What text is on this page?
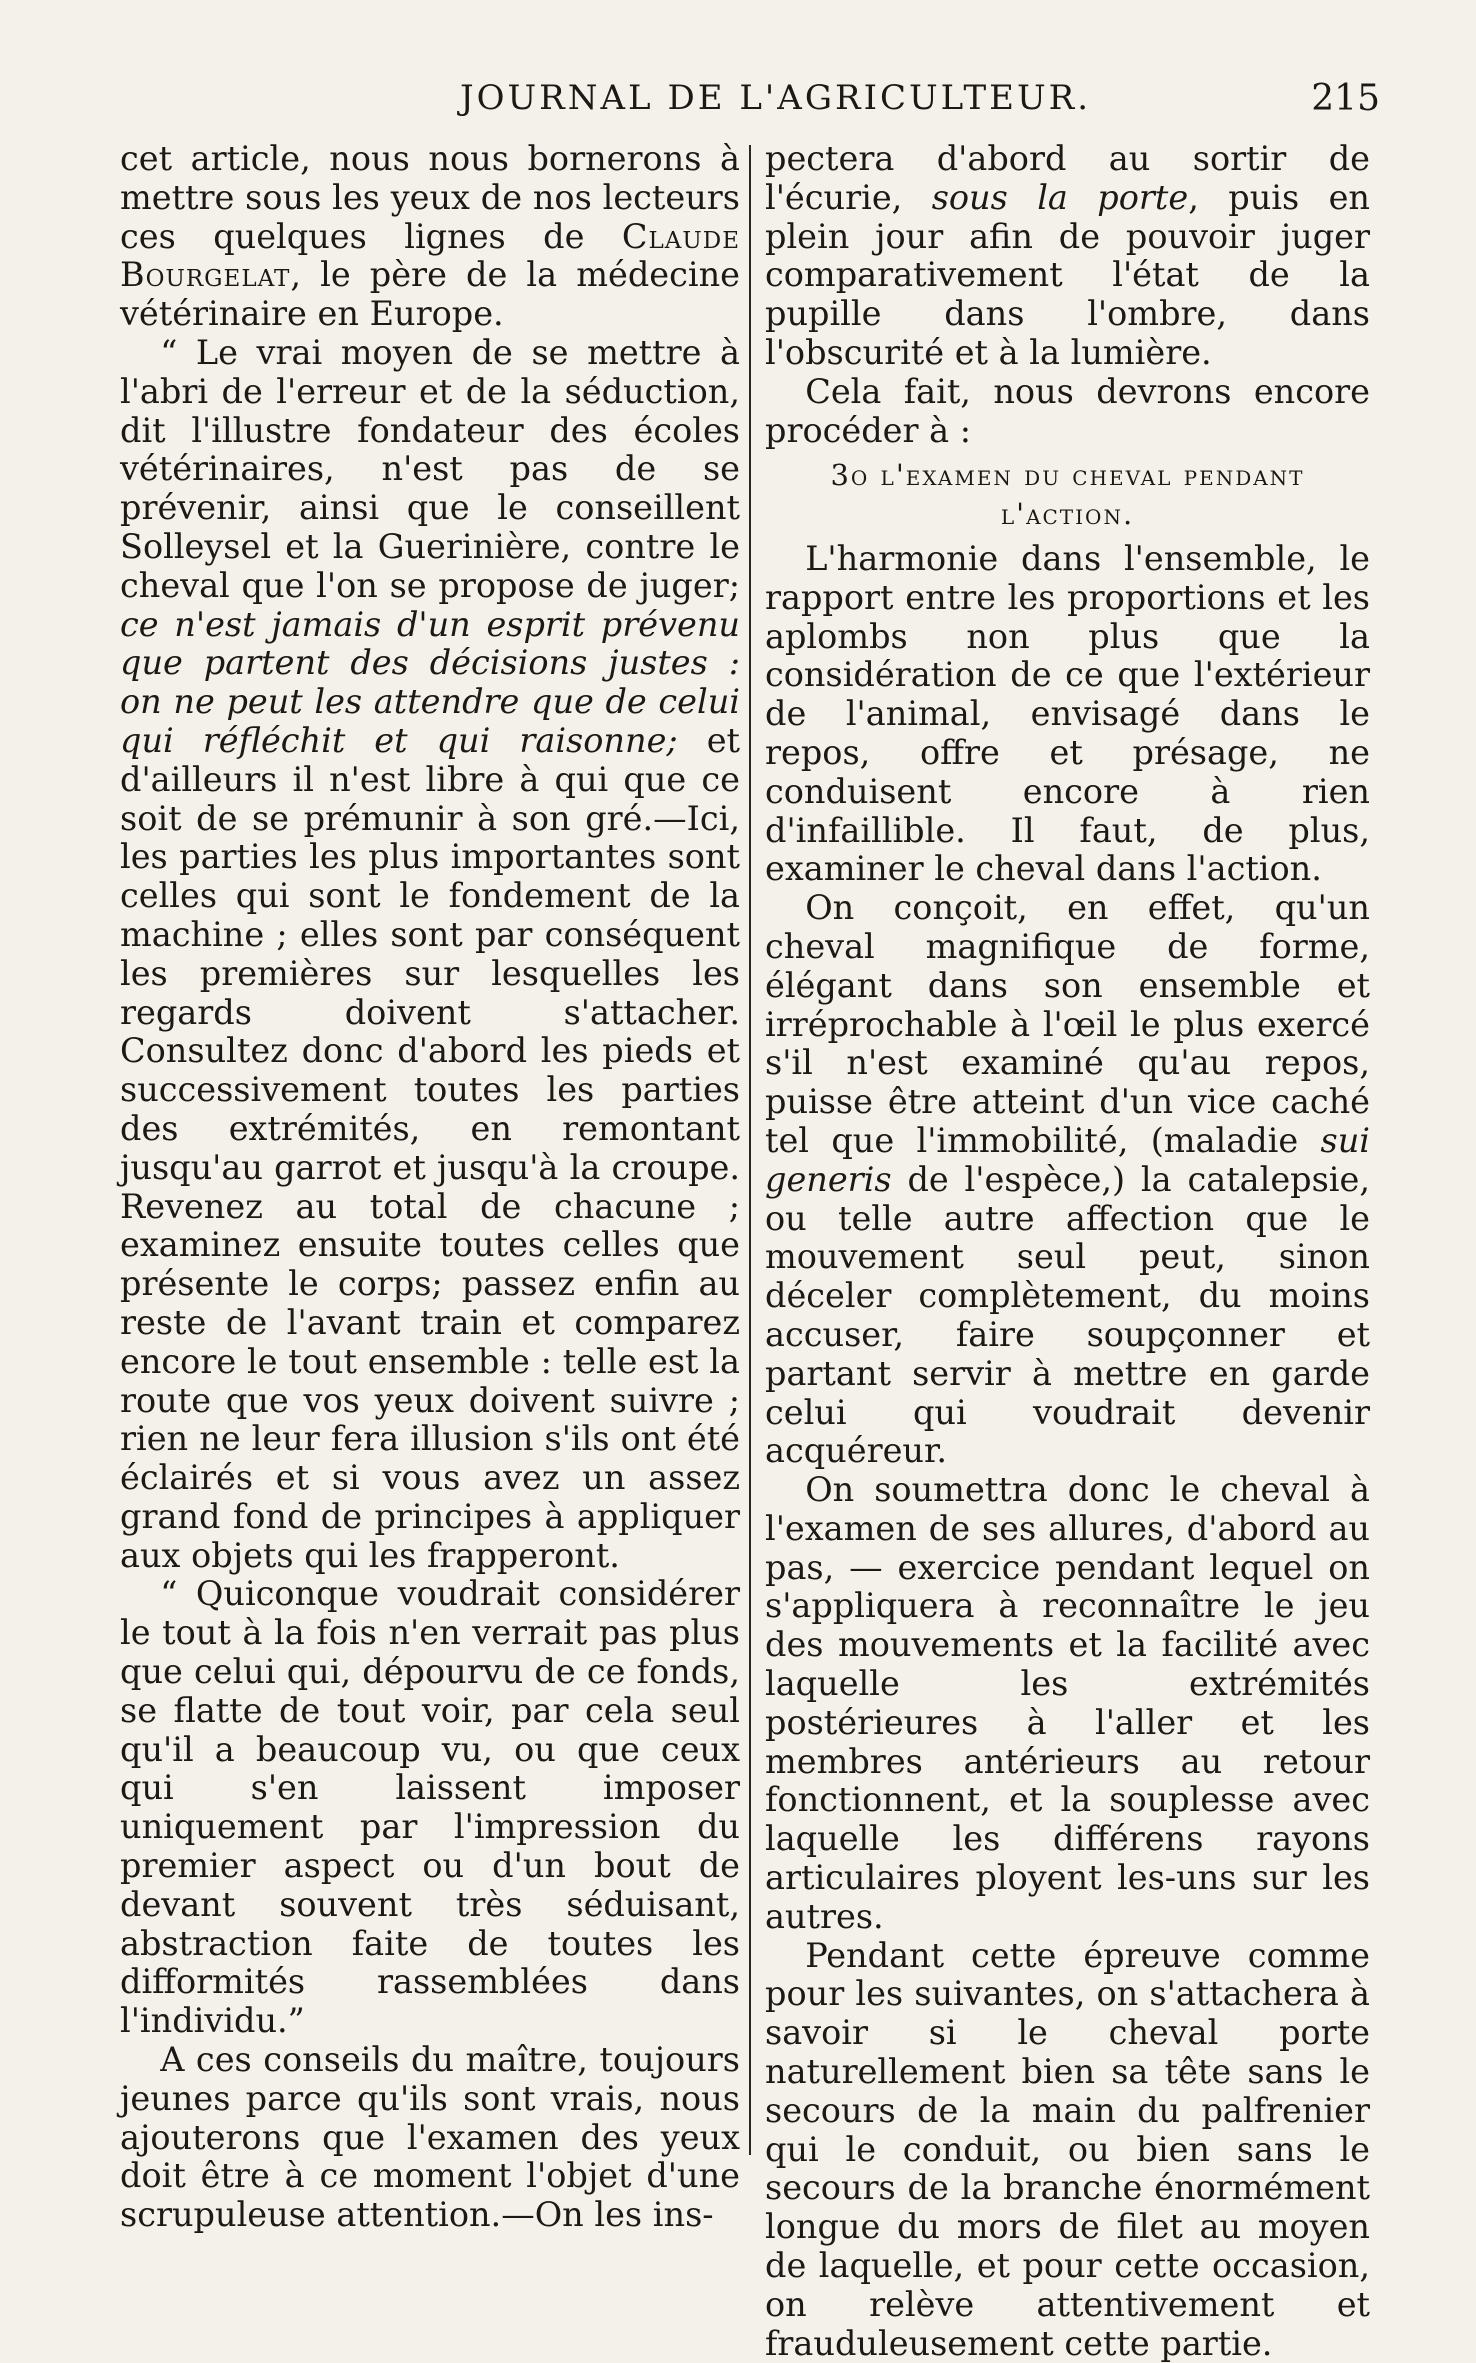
JOURNAL DE L'AGRICULTEUR.	215

cet article, nous nous bornerons à mettre sous les yeux de nos lecteurs ces quelques lignes de Claude Bourgelat, le père de la médecine vétérinaire en Europe.

“ Le vrai moyen de se mettre à l'abri de l'erreur et de la séduction, dit l'illustre fondateur des écoles vétérinaires, n'est pas de se prévenir, ainsi que le conseillent Solleysel et la Guerinière, contre le cheval que l'on se propose de juger; ce n'est jamais d'un esprit prévenu que partent des décisions justes : on ne peut les attendre que de celui qui réfléchit et qui raisonne; et d'ailleurs il n'est libre à qui que ce soit de se prémunir à son gré.—Ici, les parties les plus importantes sont celles qui sont le fondement de la machine ; elles sont par conséquent les premières sur lesquelles les regards doivent s'attacher. Consultez donc d'abord les pieds et successivement toutes les parties des extrémités, en remontant jusqu'au garrot et jusqu'à la croupe. Revenez au total de chacune ; examinez ensuite toutes celles que présente le corps; passez enfin au reste de l'avant train et comparez encore le tout ensemble : telle est la route que vos yeux doivent suivre ; rien ne leur fera illusion s'ils ont été éclairés et si vous avez un assez grand fond de principes à appliquer aux objets qui les frapperont.

“ Quiconque voudrait considérer le tout à la fois n'en verrait pas plus que celui qui, dépourvu de ce fonds, se flatte de tout voir, par cela seul qu'il a beaucoup vu, ou que ceux qui s'en laissent imposer uniquement par l'impression du premier aspect ou d'un bout de devant souvent très séduisant, abstraction faite de toutes les difformités rassemblées dans l'individu.”

A ces conseils du maître, toujours jeunes parce qu'ils sont vrais, nous ajouterons que l'examen des yeux doit être à ce moment l'objet d'une scrupuleuse attention.—On les ins-

pectera d'abord au sortir de l'écurie, sous la porte, puis en plein jour afin de pouvoir juger comparativement l'état de la pupille dans l'ombre, dans l'obscurité et à la lumière.

Cela fait, nous devrons encore procéder à :

3o l'examen du cheval pendant l'action.

L'harmonie dans l'ensemble, le rapport entre les proportions et les aplombs non plus que la considération de ce que l'extérieur de l'animal, envisagé dans le repos, offre et présage, ne conduisent encore à rien d'infaillible. Il faut, de plus, examiner le cheval dans l'action.

On conçoit, en effet, qu'un cheval magnifique de forme, élégant dans son ensemble et irréprochable à l'œil le plus exercé s'il n'est examiné qu'au repos, puisse être atteint d'un vice caché tel que l'immobilité, (maladie sui generis de l'espèce,) la catalepsie, ou telle autre affection que le mouvement seul peut, sinon déceler complètement, du moins accuser, faire soupçonner et partant servir à mettre en garde celui qui voudrait devenir acquéreur.

On soumettra donc le cheval à l'examen de ses allures, d'abord au pas, — exercice pendant lequel on s'appliquera à reconnaître le jeu des mouvements et la facilité avec laquelle les extrémités postérieures à l'aller et les membres antérieurs au retour fonctionnent, et la souplesse avec laquelle les différens rayons articulaires ployent les-uns sur les autres.

Pendant cette épreuve comme pour les suivantes, on s'attachera à savoir si le cheval porte naturellement bien sa tête sans le secours de la main du palfrenier qui le conduit, ou bien sans le secours de la branche énormément longue du mors de filet au moyen de laquelle, et pour cette occasion, on relève attentivement et frauduleusement cette partie.
